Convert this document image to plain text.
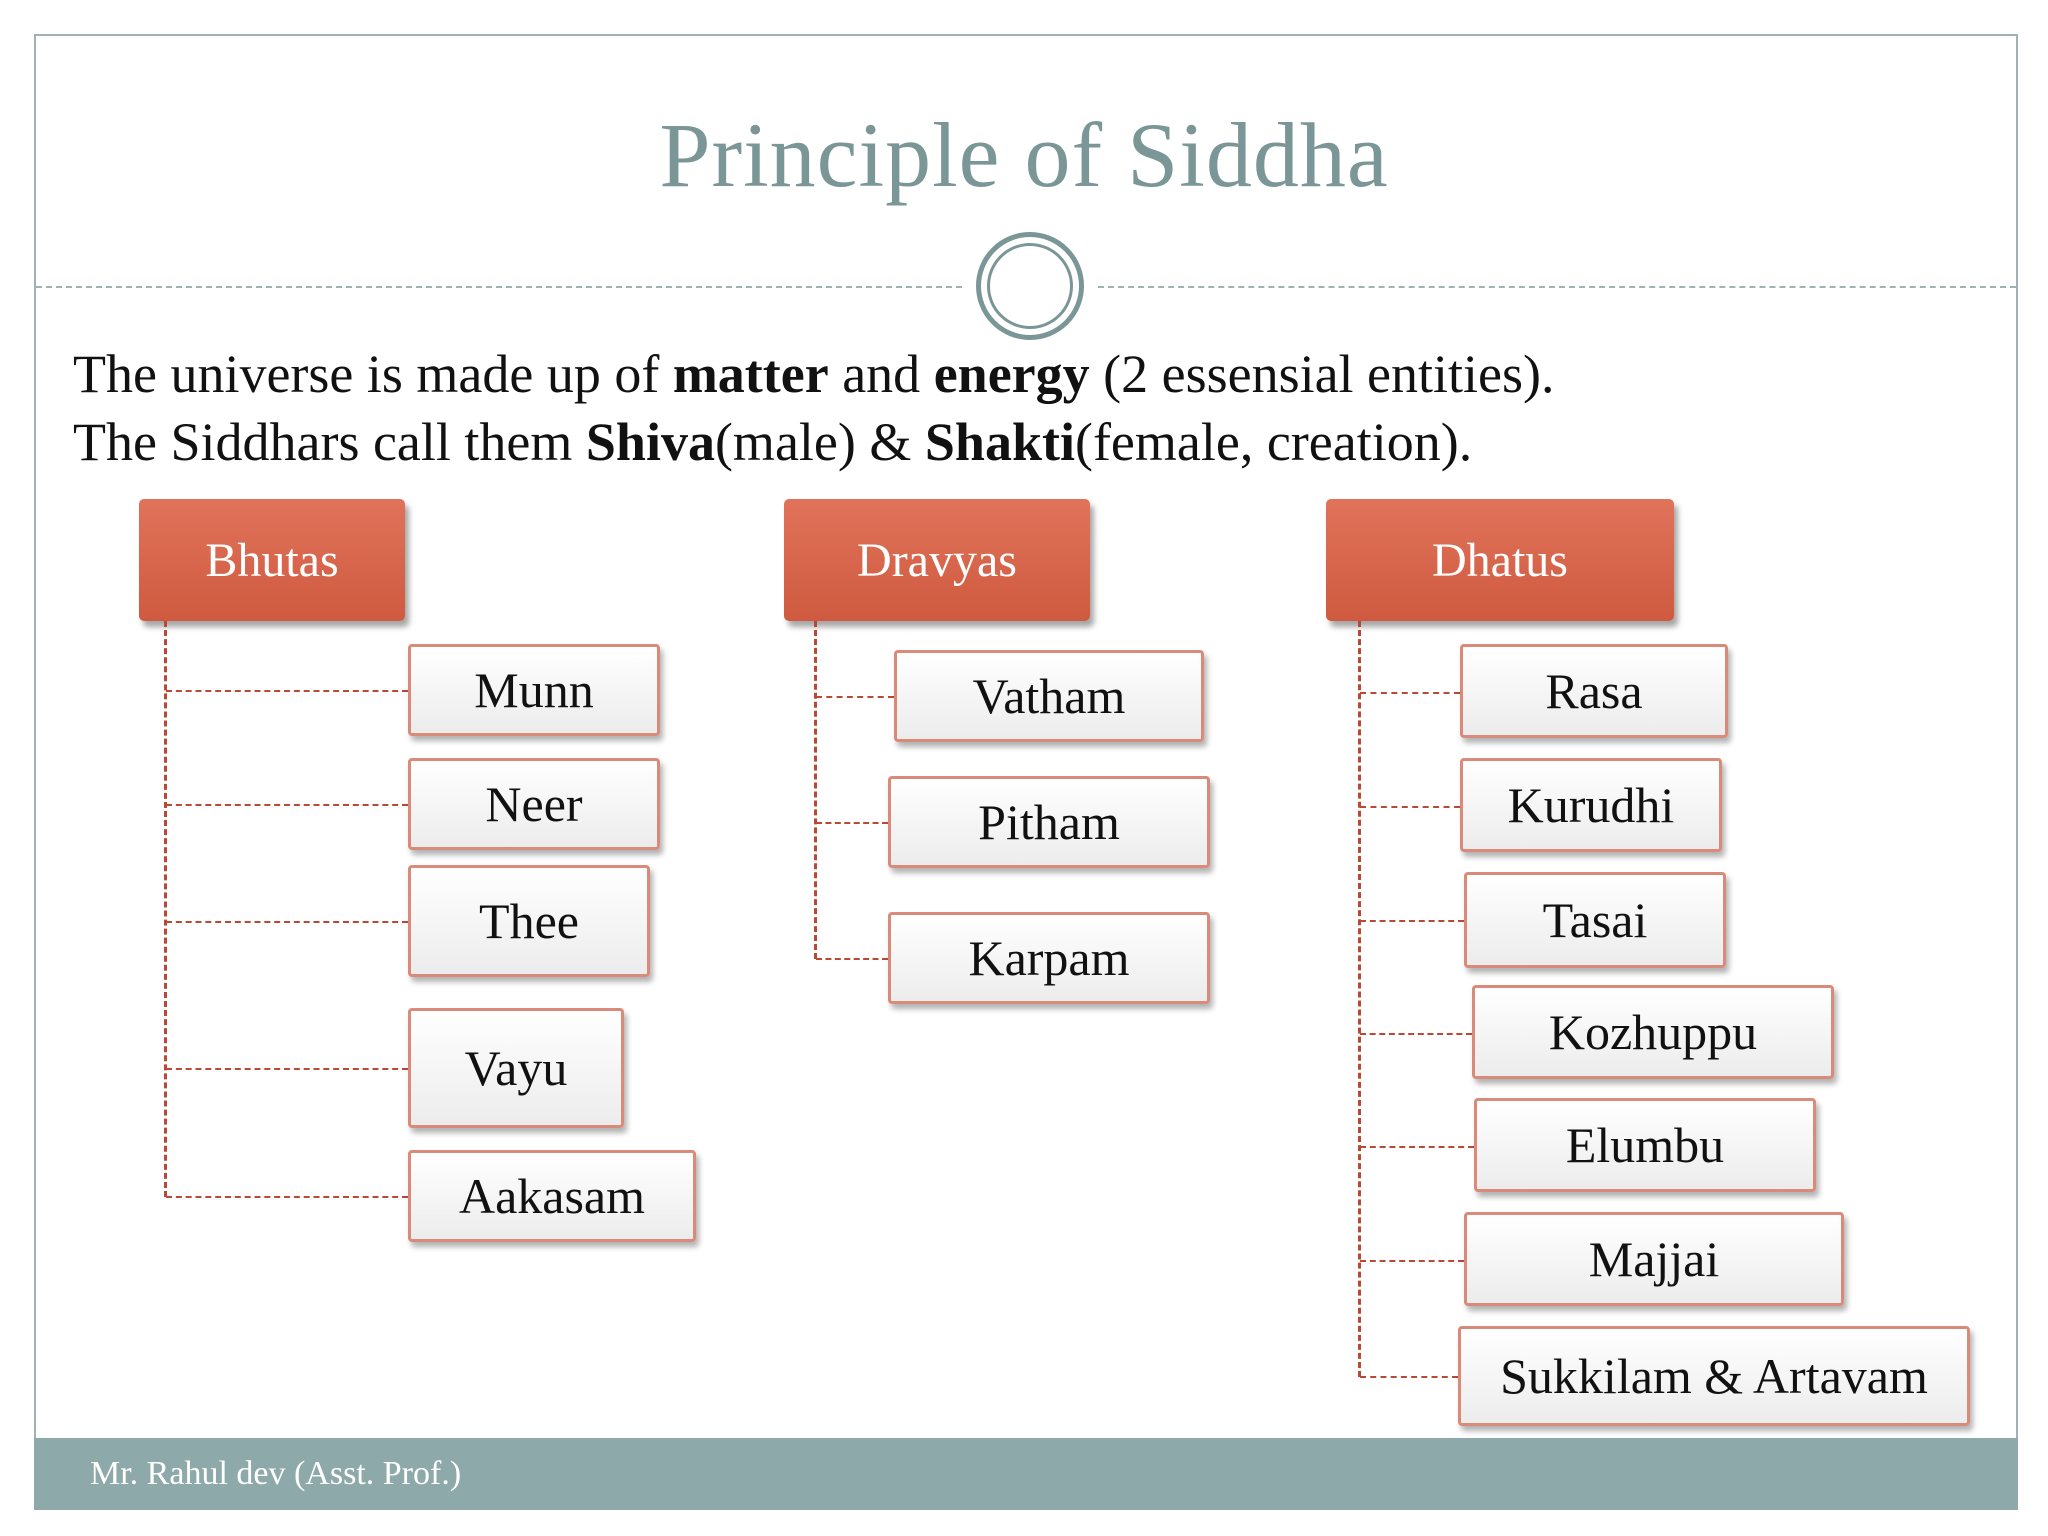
Principle of Siddha
The universe is made up of matter and energy (2 essensial entities).
The Siddhars call them Shiva(male) & Shakti(female, creation).
Bhutas
Munn
Neer
Thee
Vayu
Aakasam
Dravyas
Vatham
Pitham
Karpam
Dhatus
Rasa
Kurudhi
Tasai
Kozhuppu
Elumbu
Majjai
Sukkilam & Artavam
Mr. Rahul dev (Asst. Prof.)
